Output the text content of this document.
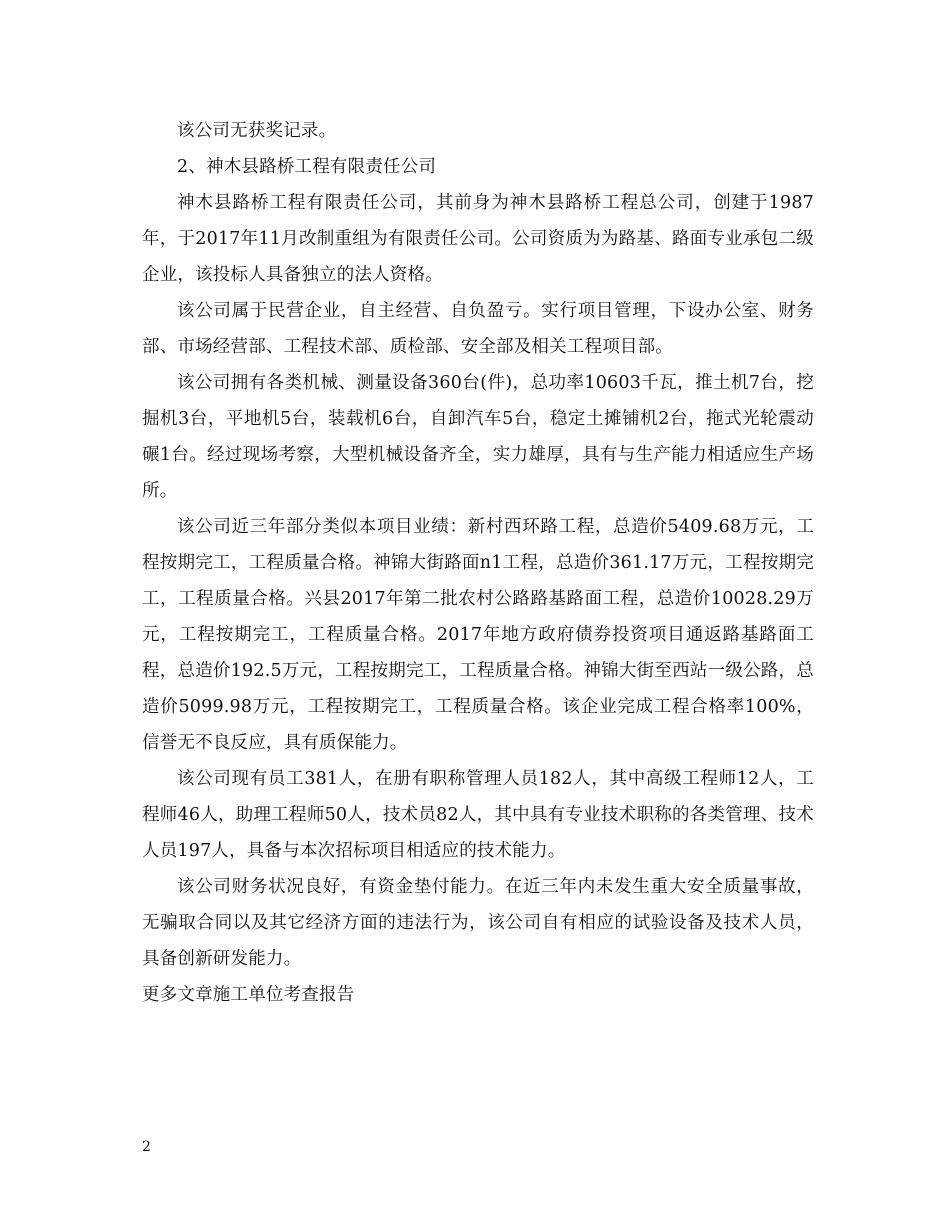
该公司无获奖记录。

2、神木县路桥工程有限责任公司

神木县路桥工程有限责任公司，其前身为神木县路桥工程总公司，创建于1987年，于2017年11月改制重组为有限责任公司。公司资质为为路基、路面专业承包二级企业，该投标人具备独立的法人资格。

该公司属于民营企业，自主经营、自负盈亏。实行项目管理，下设办公室、财务部、市场经营部、工程技术部、质检部、安全部及相关工程项目部。

该公司拥有各类机械、测量设备360台(件)，总功率10603千瓦，推土机7台，挖掘机3台，平地机5台，装载机6台，自卸汽车5台，稳定土摊铺机2台，拖式光轮震动碾1台。经过现场考察，大型机械设备齐全，实力雄厚，具有与生产能力相适应生产场所。

该公司近三年部分类似本项目业绩：新村西环路工程，总造价5409.68万元，工程按期完工，工程质量合格。神锦大街路面n1工程，总造价361.17万元，工程按期完工，工程质量合格。兴县2017年第二批农村公路路基路面工程，总造价10028.29万元，工程按期完工，工程质量合格。2017年地方政府债券投资项目通返路基路面工程，总造价192.5万元，工程按期完工，工程质量合格。神锦大街至西站一级公路，总造价5099.98万元，工程按期完工，工程质量合格。该企业完成工程合格率100%，信誉无不良反应，具有质保能力。

该公司现有员工381人，在册有职称管理人员182人，其中高级工程师12人，工程师46人，助理工程师50人，技术员82人，其中具有专业技术职称的各类管理、技术人员197人，具备与本次招标项目相适应的技术能力。

该公司财务状况良好，有资金垫付能力。在近三年内未发生重大安全质量事故，无骗取合同以及其它经济方面的违法行为，该公司自有相应的试验设备及技术人员，具备创新研发能力。

更多文章施工单位考查报告

2
